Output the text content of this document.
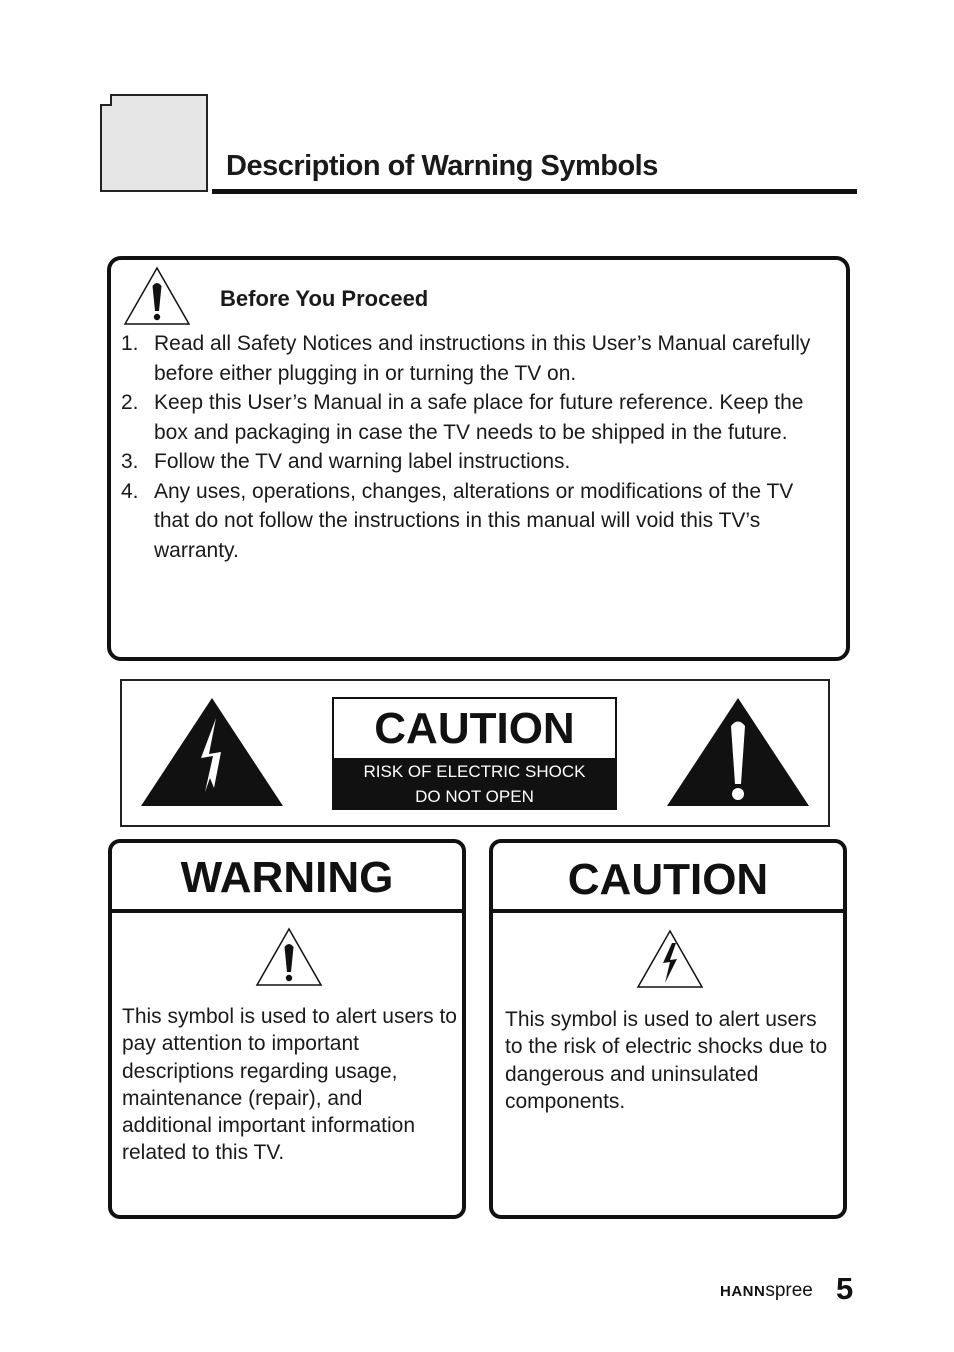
Description of Warning Symbols
Before You Proceed
1. Read all Safety Notices and instructions in this User’s Manual carefully before either plugging in or turning the TV on.
2. Keep this User’s Manual in a safe place for future reference. Keep the box and packaging in case the TV needs to be shipped in the future.
3. Follow the TV and warning label instructions.
4. Any uses, operations, changes, alterations or modifications of the TV that do not follow the instructions in this manual will void this TV’s warranty.
CAUTION
RISK OF ELECTRIC SHOCK
DO NOT OPEN
WARNING
This symbol is used to alert users to pay attention to important descriptions regarding usage, maintenance (repair), and additional important information related to this TV.
CAUTION
This symbol is used to alert users to the risk of electric shocks due to dangerous and uninsulated components.
HANNspree 5
